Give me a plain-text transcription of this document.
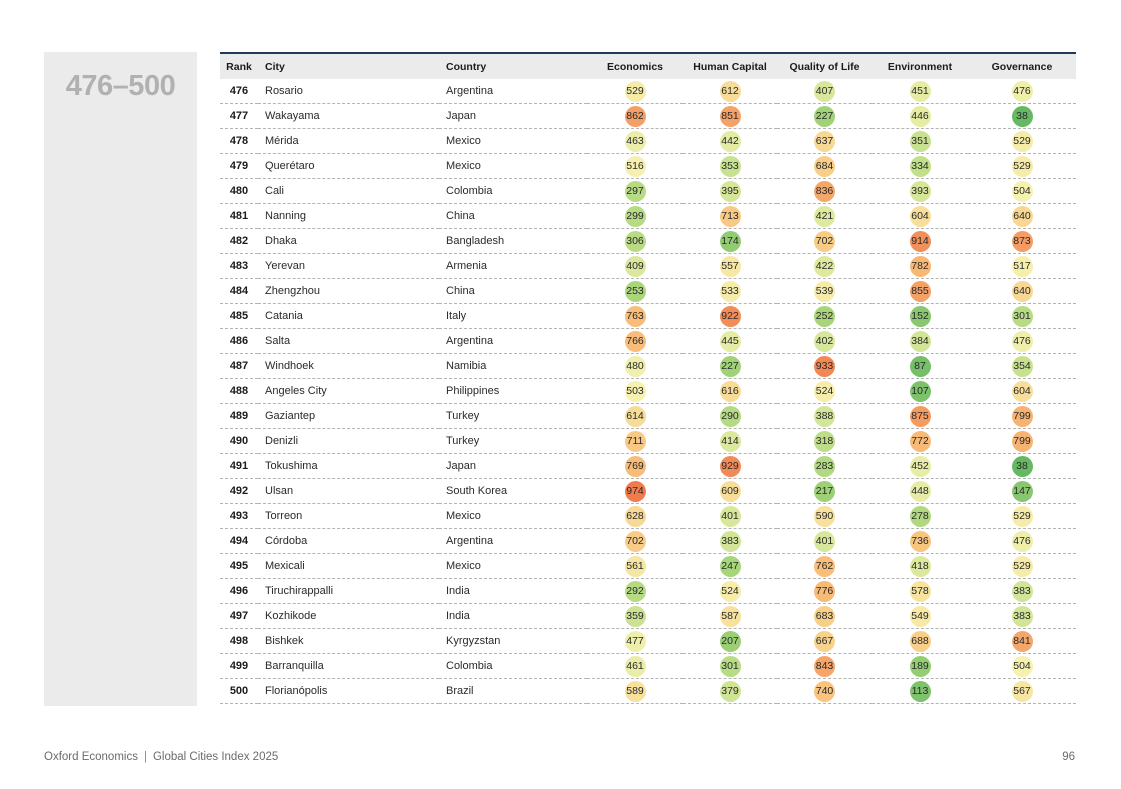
476–500
Rank	City	Country	Economics	Human Capital	Quality of Life	Environment	Governance
476	Rosario	Argentina	529	612	407	451	476
477	Wakayama	Japan	862	851	227	446	38
478	Mérida	Mexico	463	442	637	351	529
479	Querétaro	Mexico	516	353	684	334	529
480	Cali	Colombia	297	395	836	393	504
481	Nanning	China	299	713	421	604	640
482	Dhaka	Bangladesh	306	174	702	914	873
483	Yerevan	Armenia	409	557	422	782	517
484	Zhengzhou	China	253	533	539	855	640
485	Catania	Italy	763	922	252	152	301
486	Salta	Argentina	766	445	402	384	476
487	Windhoek	Namibia	480	227	933	87	354
488	Angeles City	Philippines	503	616	524	107	604
489	Gaziantep	Turkey	614	290	388	875	799
490	Denizli	Turkey	711	414	318	772	799
491	Tokushima	Japan	769	929	283	452	38
492	Ulsan	South Korea	974	609	217	448	147
493	Torreon	Mexico	628	401	590	278	529
494	Córdoba	Argentina	702	383	401	736	476
495	Mexicali	Mexico	561	247	762	418	529
496	Tiruchirappalli	India	292	524	776	578	383
497	Kozhikode	India	359	587	683	549	383
498	Bishkek	Kyrgyzstan	477	207	667	688	841
499	Barranquilla	Colombia	461	301	843	189	504
500	Florianópolis	Brazil	589	379	740	113	567
Oxford Economics | Global Cities Index 2025	96
